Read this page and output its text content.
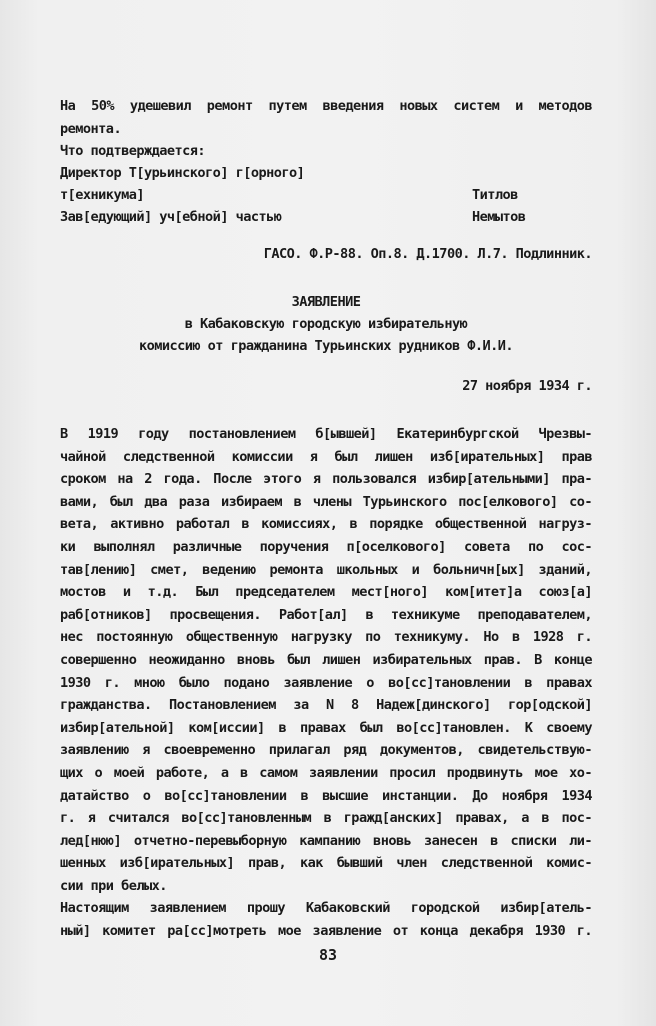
На 50% удешевил ремонт путем введения новых систем и методов
ремонта.
Что подтверждается:
Директор Т[урьинского] г[орного]
т[ехникума]	Титлов
Зав[едующий] уч[ебной] частью	Немытов
ГАСО. Ф.Р-88. Оп.8. Д.1700. Л.7. Подлинник.
ЗАЯВЛЕНИЕ
в Кабаковскую городскую избирательную
комиссию от гражданина Турьинских рудников Ф.И.И.
27 ноября 1934 г.
В 1919 году постановлением б[ывшей] Екатеринбургской Чрезвы-
чайной следственной комиссии я был лишен изб[ирательных] прав
сроком на 2 года. После этого я пользовался избир[ательными] пра-
вами, был два раза избираем в члены Турьинского пос[елкового] со-
вета, активно работал в комиссиях, в порядке общественной нагруз-
ки выполнял различные поручения п[оселкового] совета по сос-
тав[лению] смет, ведению ремонта школьных и больничн[ых] зданий,
мостов и т.д. Был председателем мест[ного] ком[итет]а союз[а]
раб[отников] просвещения. Работ[ал] в техникуме преподавателем,
нес постоянную общественную нагрузку по техникуму. Но в 1928 г.
совершенно неожиданно вновь был лишен избирательных прав. В конце
1930 г. мною было подано заявление о во[сс]тановлении в правах
гражданства. Постановлением за N 8 Надеж[динского] гор[одской]
избир[ательной] ком[иссии] в правах был во[сс]тановлен. К своему
заявлению я своевременно прилагал ряд документов, свидетельствую-
щих о моей работе, а в самом заявлении просил продвинуть мое хо-
датайство о во[сс]тановлении в высшие инстанции. До ноября 1934
г. я считался во[сс]тановленным в гражд[анских] правах, а в пос-
лед[нюю] отчетно-перевыборную кампанию вновь занесен в списки ли-
шенных изб[ирательных] прав, как бывший член следственной комис-
сии при белых.
Настоящим заявлением прошу Кабаковский городской избир[атель-
ный] комитет ра[сс]мотреть мое заявление от конца декабря 1930 г.
83
